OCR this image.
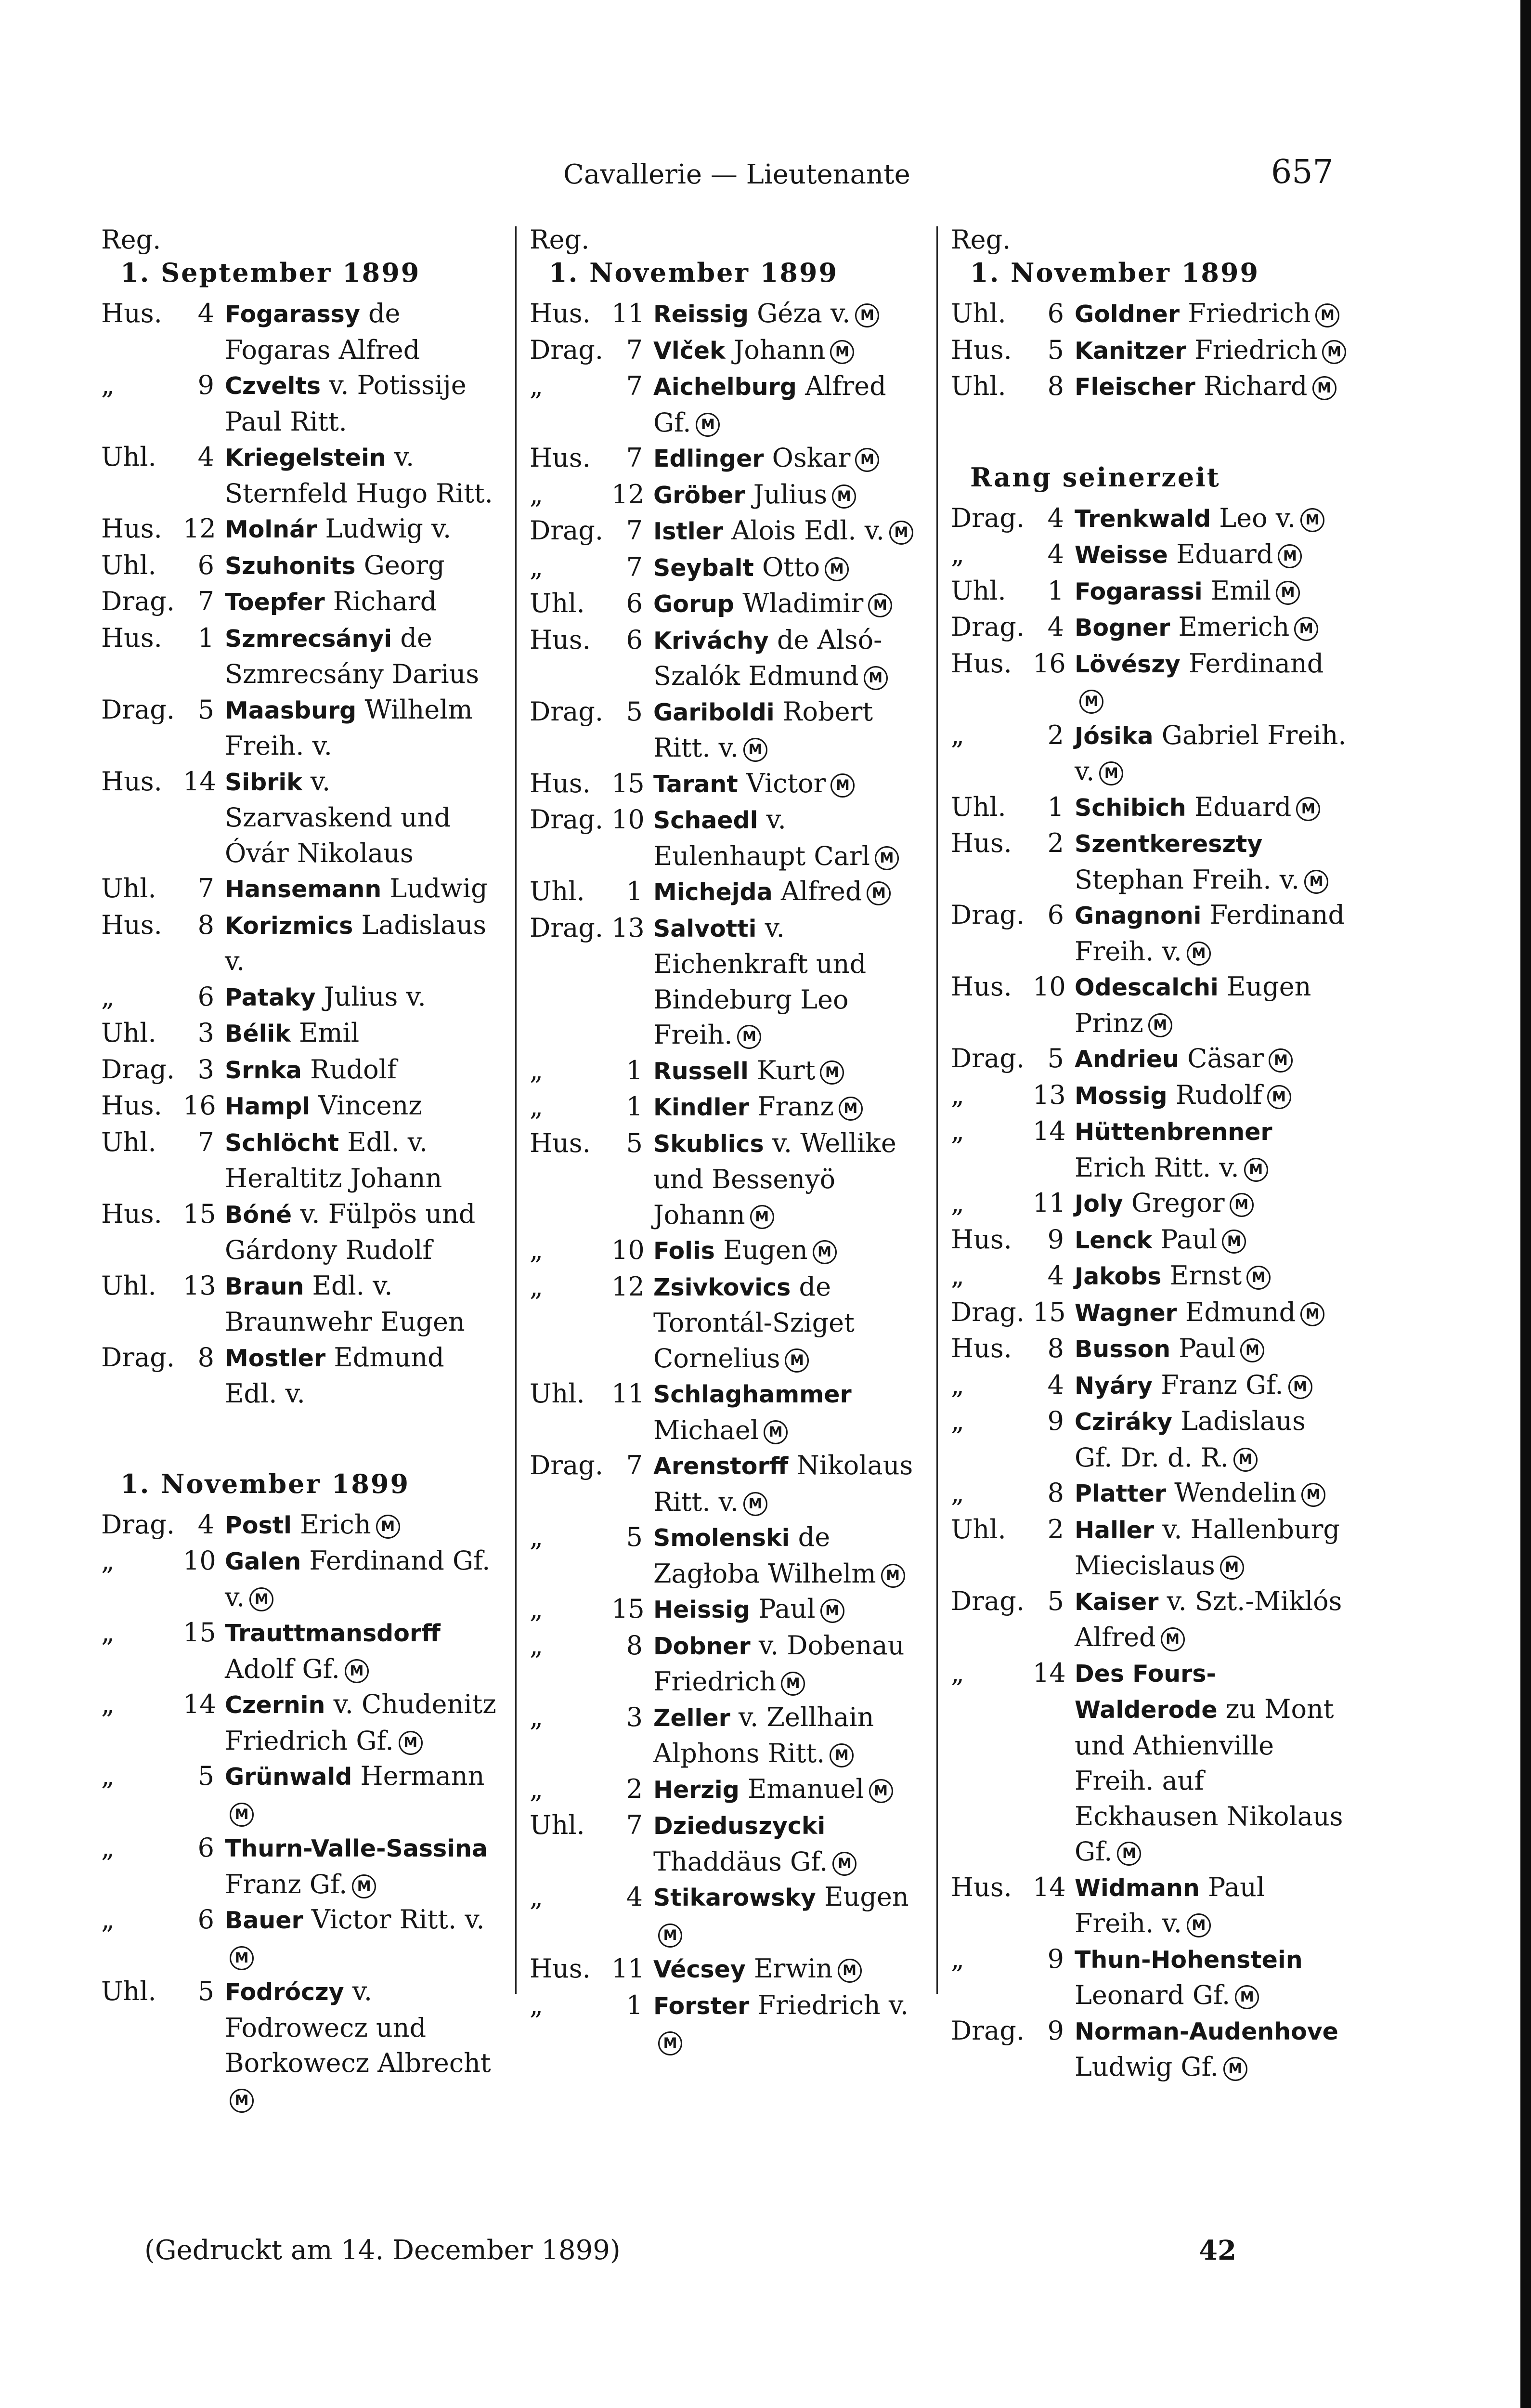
Cavallerie — Lieutenante	657
Reg.
1. September 1899
Hus.	4 Fogarassy de Fogaras Alfred
„	9 Czvelts v. Potissije Paul Ritt.
Uhl.	4 Kriegelstein v. Sternfeld Hugo Ritt.
Hus. 12 Molnár Ludwig v.
Uhl.	6 Szuhonits Georg
Drag. 7 Toepfer Richard
Hus.	1 Szmrecsányi de Szmrecsány Darius
Drag. 5 Maasburg Wilhelm Freih. v.
Hus. 14 Sibrik v. Szarvaskend und Óvár Nikolaus
Uhl.	7 Hansemann Ludwig
Hus.	8 Korizmics Ladislaus v.
„	6 Pataky Julius v.
Uhl.	3 Bélik Emil
Drag. 3 Srnka Rudolf
Hus. 16 Hampl Vincenz
Uhl.	7 Schlöcht Edl. v. Heraltitz Johann
Hus. 15 Bóné v. Fülpös und Gárdony Rudolf
Uhl.	13 Braun Edl. v. Braunwehr Eugen
Drag. 8 Mostler Edmund Edl. v.
1. November 1899
Drag. 4 Postl Erich M
„	10 Galen Ferdinand Gf. v. M
„	15 Trauttmansdorff Adolf Gf. M
„	14 Czernin v. Chudenitz Friedrich Gf. M
„	5 Grünwald HermannM
„	6 Thurn-Valle-Sassina Franz Gf. M
„	6 Bauer Victor Ritt. v.M
Uhl.	5 Fodróczy v. Fodrowecz und Borkowecz AlbrechtM
Reg.
1. November 1899
Hus. 11 Reissig Géza v. M
Drag. 7 Vlček Johann M
„	7 Aichelburg Alfred Gf. M
Hus.	7 Edlinger Oskar M
„	12 Gröber Julius M
Drag. 7 Istler Alois Edl. v. M
„	7 Seybalt Otto M
Uhl.	6 Gorup Wladimir M
Hus.	6 Kriváchy de Alsó-Szalók Edmund M
Drag. 5 Gariboldi Robert Ritt. v. M
Hus. 15 Tarant Victor M
Drag. 10 Schaedl v. Eulenhaupt Carl M
Uhl.	1 Michejda Alfred M
Drag. 13 Salvotti v. Eichenkraft und Bindeburg Leo Freih. M
„	1 Russell Kurt M
„	1 Kindler Franz M
Hus.	5 Skublics v. Wellike und Bessenyö Johann M
„	10 Folis Eugen M
„	12 Zsivkovics de Torontál-Sziget Cornelius M
Uhl.	11 Schlaghammer Michael M
Drag. 7 Arenstorff Nikolaus Ritt. v. M
„	5 Smolenski de Zagłoba Wilhelm M
„	15 Heissig Paul M
„	8 Dobner v. Dobenau Friedrich M
„	3 Zeller v. Zellhain Alphons Ritt. M
„	2 Herzig Emanuel M
Uhl.	7 Dzieduszycki Thaddäus Gf. M
„	4 Stikarowsky EugenM
Hus. 11 Vécsey Erwin M
„	1 Forster Friedrich v.M
Reg.
1. November 1899
Uhl.	6 Goldner Friedrich M
Hus.	5 Kanitzer Friedrich M
Uhl.	8 Fleischer Richard M
Rang seinerzeit
Drag. 4 Trenkwald Leo v. M
„	4 Weisse Eduard M
Uhl.	1 Fogarassi Emil M
Drag. 4 Bogner Emerich M
Hus. 16 Lövészy FerdinandM
„	2 Jósika Gabriel Freih. v. M
Uhl.	1 Schibich Eduard M
Hus.	2 Szentkereszty Stephan Freih. v. M
Drag. 6 Gnagnoni Ferdinand Freih. v. M
Hus. 10 Odescalchi Eugen Prinz M
Drag. 5 Andrieu Cäsar M
„	13 Mossig Rudolf M
„	14 Hüttenbrenner Erich Ritt. v. M
„	11 Joly Gregor M
Hus.	9 Lenck Paul M
„	4 Jakobs Ernst M
Drag. 15 Wagner Edmund M
Hus.	8 Busson Paul M
„	4 Nyáry Franz Gf. M
„	9 Cziráky Ladislaus Gf. Dr. d. R. M
„	8 Platter Wendelin M
Uhl.	2 Haller v. Hallenburg Miecislaus M
Drag. 5 Kaiser v. Szt.-Miklós Alfred M
„	14 Des Fours-Walderode zu Mont und Athienville Freih. auf Eckhausen Nikolaus Gf. M
Hus. 14 Widmann Paul Freih. v. M
„	9 Thun-Hohenstein Leonard Gf. M
Drag. 9 Norman-Audenhove Ludwig Gf. M
(Gedruckt am 14. December 1899)	42
